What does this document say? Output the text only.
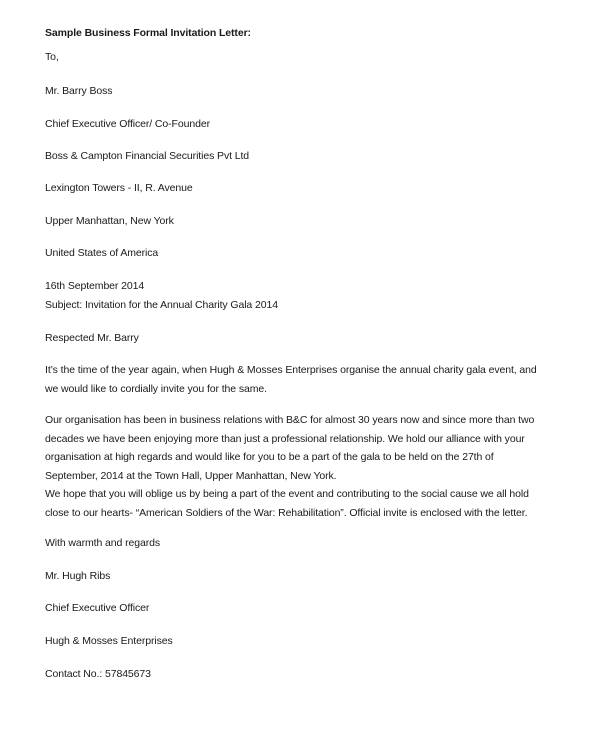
Sample Business Formal Invitation Letter:
To,
Mr. Barry Boss
Chief Executive Officer/ Co-Founder
Boss & Campton Financial Securities Pvt Ltd
Lexington Towers - II, R. Avenue
Upper Manhattan, New York
United States of America
16th September 2014
Subject: Invitation for the Annual Charity Gala 2014
Respected Mr. Barry
It’s the time of the year again, when Hugh & Mosses Enterprises organise the annual charity gala event, and
we would like to cordially invite you for the same.
Our organisation has been in business relations with B&C for almost 30 years now and since more than two
decades we have been enjoying more than just a professional relationship. We hold our alliance with your
organisation at high regards and would like for you to be a part of the gala to be held on the 27th of
September, 2014 at the Town Hall, Upper Manhattan, New York.
We hope that you will oblige us by being a part of the event and contributing to the social cause we all hold
close to our hearts- “American Soldiers of the War: Rehabilitation”. Official invite is enclosed with the letter.
With warmth and regards
Mr. Hugh Ribs
Chief Executive Officer
Hugh & Mosses Enterprises
Contact No.: 57845673
